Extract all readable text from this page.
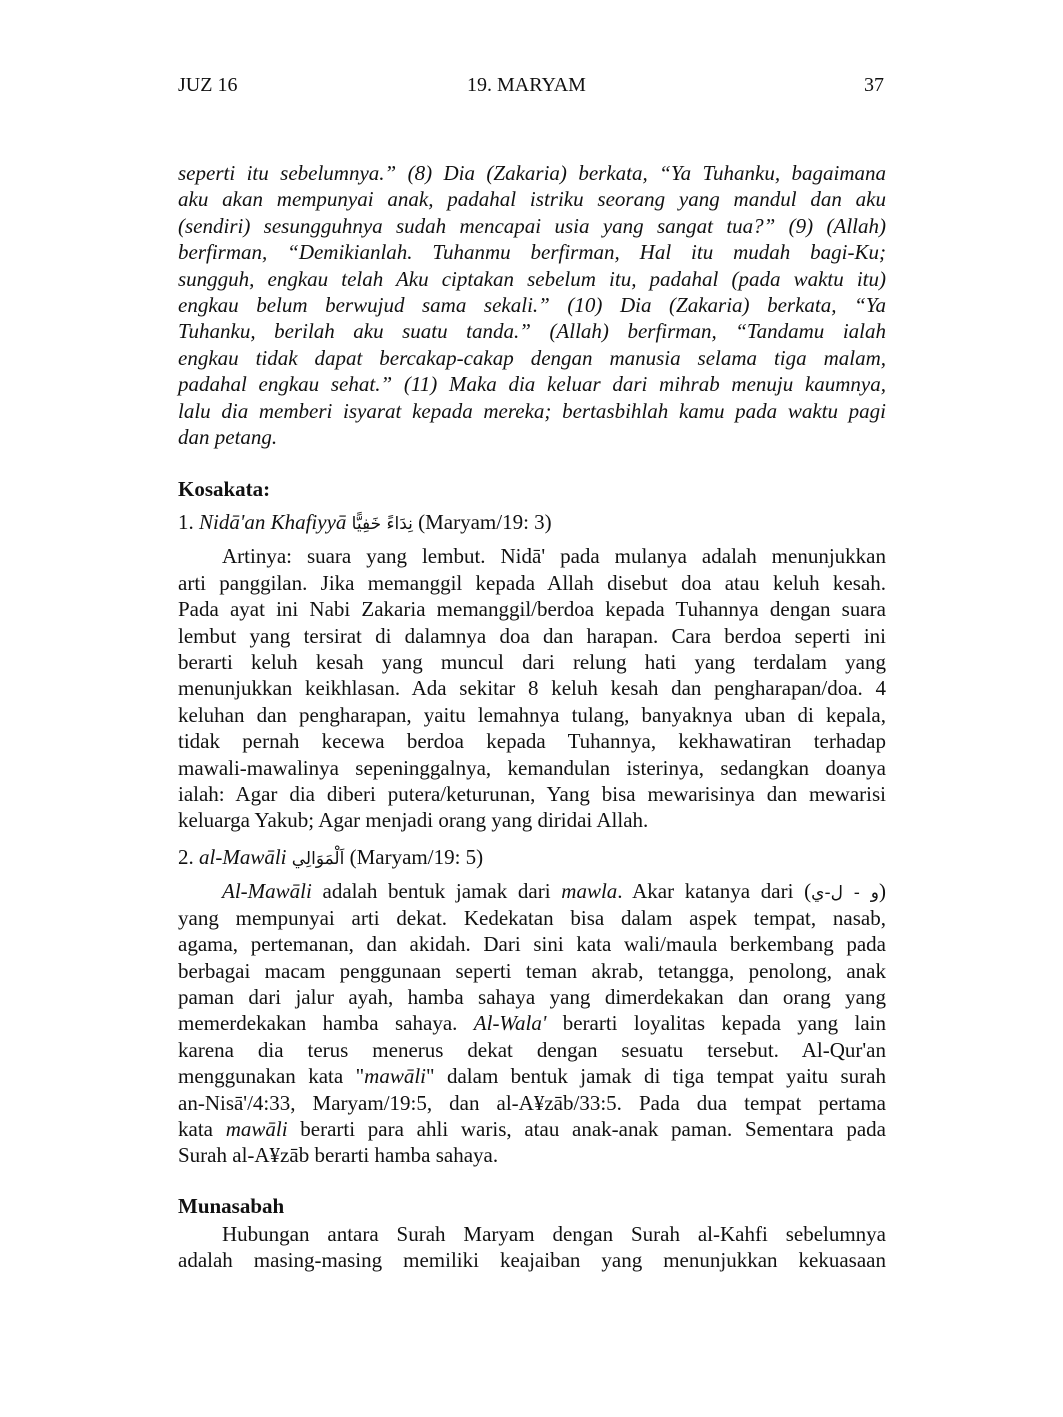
JUZ 16	19. MARYAM	37
seperti itu sebelumnya.” (8) Dia (Zakaria) berkata, “Ya Tuhanku, bagaimana
aku akan mempunyai anak, padahal istriku seorang yang mandul dan aku
(sendiri) sesungguhnya sudah mencapai usia yang sangat tua?” (9) (Allah)
berfirman, “Demikianlah. Tuhanmu berfirman, Hal itu mudah bagi-Ku;
sungguh, engkau telah Aku ciptakan sebelum itu, padahal (pada waktu itu)
engkau belum berwujud sama sekali.” (10) Dia (Zakaria) berkata, “Ya
Tuhanku, berilah aku suatu tanda.” (Allah) berfirman, “Tandamu ialah
engkau tidak dapat bercakap-cakap dengan manusia selama tiga malam,
padahal engkau sehat.” (11) Maka dia keluar dari mihrab menuju kaumnya,
lalu dia memberi isyarat kepada mereka; bertasbihlah kamu pada waktu pagi
dan petang.
Kosakata:
1. Nidā'an Khafiyyā نِدَاءً خَفِيًّا (Maryam/19: 3)
Artinya: suara yang lembut. Nidā' pada mulanya adalah menunjukkan
arti panggilan. Jika memanggil kepada Allah disebut doa atau keluh kesah.
Pada ayat ini Nabi Zakaria memanggil/berdoa kepada Tuhannya dengan suara
lembut yang tersirat di dalamnya doa dan harapan. Cara berdoa seperti ini
berarti keluh kesah yang muncul dari relung hati yang terdalam yang
menunjukkan keikhlasan. Ada sekitar 8 keluh kesah dan pengharapan/doa. 4
keluhan dan pengharapan, yaitu lemahnya tulang, banyaknya uban di kepala,
tidak pernah kecewa berdoa kepada Tuhannya, kekhawatiran terhadap
mawali-mawalinya sepeninggalnya, kemandulan isterinya, sedangkan doanya
ialah: Agar dia diberi putera/keturunan, Yang bisa mewarisinya dan mewarisi
keluarga Yakub; Agar menjadi orang yang diridai Allah.
2. al-Mawāli اَلْمَوَالِي (Maryam/19: 5)
Al-Mawāli adalah bentuk jamak dari mawla. Akar katanya dari (و - ل-ي)
yang mempunyai arti dekat. Kedekatan bisa dalam aspek tempat, nasab,
agama, pertemanan, dan akidah. Dari sini kata wali/maula berkembang pada
berbagai macam penggunaan seperti teman akrab, tetangga, penolong, anak
paman dari jalur ayah, hamba sahaya yang dimerdekakan dan orang yang
memerdekakan hamba sahaya. Al-Wala' berarti loyalitas kepada yang lain
karena dia terus menerus dekat dengan sesuatu tersebut. Al-Qur'an
menggunakan kata "mawāli" dalam bentuk jamak di tiga tempat yaitu surah
an-Nisā'/4:33, Maryam/19:5, dan al-A¥zāb/33:5. Pada dua tempat pertama
kata mawāli berarti para ahli waris, atau anak-anak paman. Sementara pada
Surah al-A¥zāb berarti hamba sahaya.
Munasabah
Hubungan antara Surah Maryam dengan Surah al-Kahfi sebelumnya
adalah masing-masing memiliki keajaiban yang menunjukkan kekuasaan
